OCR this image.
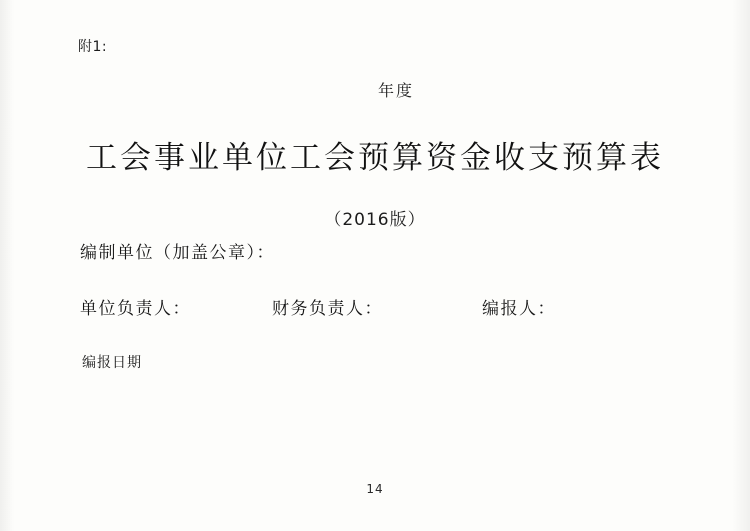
附1:
年度
工会事业单位工会预算资金收支预算表
（2016版）
编制单位（加盖公章）：
单位负责人：	财务负责人：	编报人：
编报日期
14
